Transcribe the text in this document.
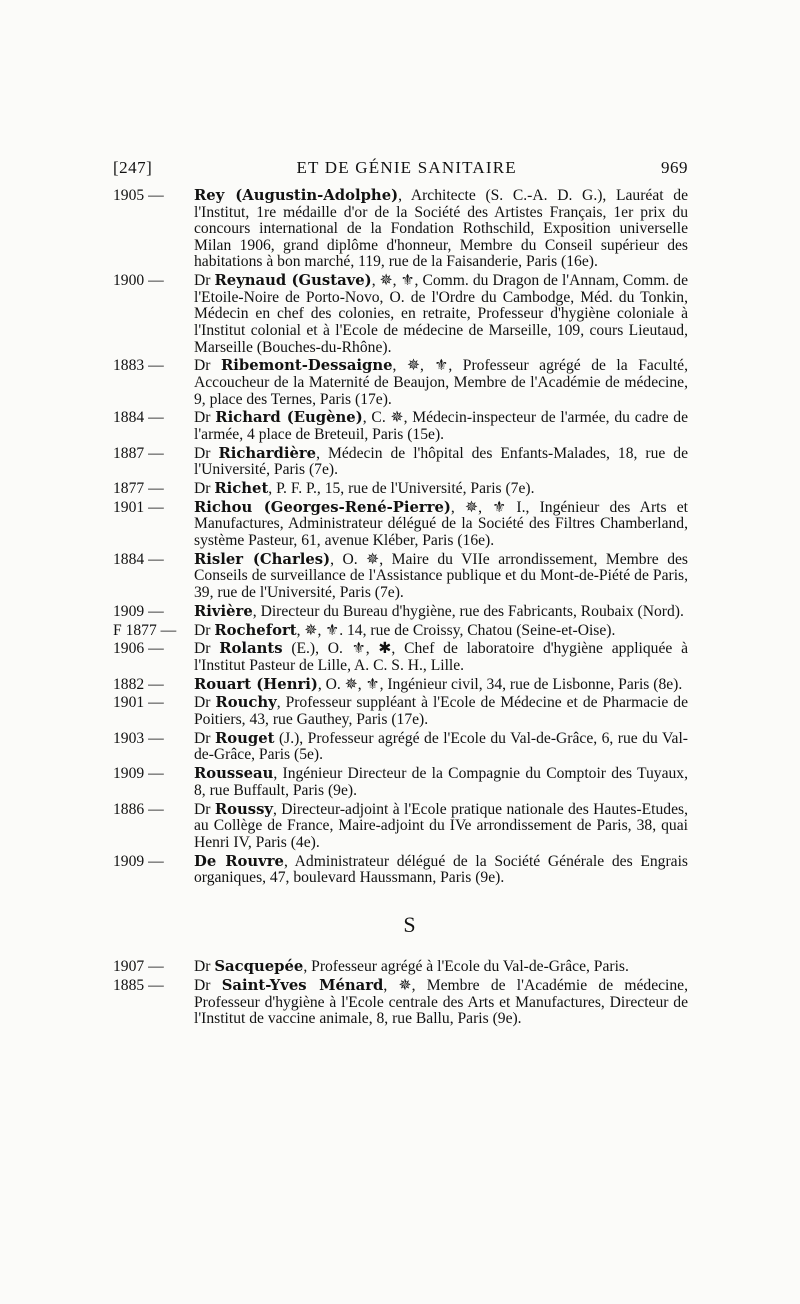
[247]	ET DE GÉNIE SANITAIRE	969
1905 —	Rey (Augustin-Adolphe), Architecte (S. C.-A. D. G.), Lauréat de l'Institut, 1re médaille d'or de la Société des Artistes Français, 1er prix du concours international de la Fondation Rothschild, Exposition universelle Milan 1906, grand diplôme d'honneur, Membre du Conseil supérieur des habitations à bon marché, 119, rue de la Faisanderie, Paris (16e).
1900 —	Dr Reynaud (Gustave), ✵, ⚜, Comm. du Dragon de l'Annam, Comm. de l'Etoile-Noire de Porto-Novo, O. de l'Ordre du Cambodge, Méd. du Tonkin, Médecin en chef des colonies, en retraite, Professeur d'hygiène coloniale à l'Institut colonial et à l'Ecole de médecine de Marseille, 109, cours Lieutaud, Marseille (Bouches-du-Rhône).
1883 —	Dr Ribemont-Dessaigne, ✵, ⚜, Professeur agrégé de la Faculté, Accoucheur de la Maternité de Beaujon, Membre de l'Académie de médecine, 9, place des Ternes, Paris (17e).
1884 —	Dr Richard (Eugène), C. ✵, Médecin-inspecteur de l'armée, du cadre de l'armée, 4 place de Breteuil, Paris (15e).
1887 —	Dr Richardière, Médecin de l'hôpital des Enfants-Malades, 18, rue de l'Université, Paris (7e).
1877 —	Dr Richet, P. F. P., 15, rue de l'Université, Paris (7e).
1901 —	Richou (Georges-René-Pierre), ✵, ⚜ I., Ingénieur des Arts et Manufactures, Administrateur délégué de la Société des Filtres Chamberland, système Pasteur, 61, avenue Kléber, Paris (16e).
1884 —	Risler (Charles), O. ✵, Maire du VIIe arrondissement, Membre des Conseils de surveillance de l'Assistance publique et du Mont-de-Piété de Paris, 39, rue de l'Université, Paris (7e).
1909 —	Rivière, Directeur du Bureau d'hygiène, rue des Fabricants, Roubaix (Nord).
F 1877 —	Dr Rochefort, ✵, ⚜. 14, rue de Croissy, Chatou (Seine-et-Oise).
1906 —	Dr Rolants (E.), O. ⚜, ✱, Chef de laboratoire d'hygiène appliquée à l'Institut Pasteur de Lille, A. C. S. H., Lille.
1882 —	Rouart (Henri), O. ✵, ⚜, Ingénieur civil, 34, rue de Lisbonne, Paris (8e).
1901 —	Dr Rouchy, Professeur suppléant à l'Ecole de Médecine et de Pharmacie de Poitiers, 43, rue Gauthey, Paris (17e).
1903 —	Dr Rouget (J.), Professeur agrégé de l'Ecole du Val-de-Grâce, 6, rue du Val-de-Grâce, Paris (5e).
1909 —	Rousseau, Ingénieur Directeur de la Compagnie du Comptoir des Tuyaux, 8, rue Buffault, Paris (9e).
1886 —	Dr Roussy, Directeur-adjoint à l'Ecole pratique nationale des Hautes-Etudes, au Collège de France, Maire-adjoint du IVe arrondissement de Paris, 38, quai Henri IV, Paris (4e).
1909 —	De Rouvre, Administrateur délégué de la Société Générale des Engrais organiques, 47, boulevard Haussmann, Paris (9e).
S
1907 —	Dr Sacquepée, Professeur agrégé à l'Ecole du Val-de-Grâce, Paris.
1885 —	Dr Saint-Yves Ménard, ✵, Membre de l'Académie de médecine, Professeur d'hygiène à l'Ecole centrale des Arts et Manufactures, Directeur de l'Institut de vaccine animale, 8, rue Ballu, Paris (9e).
